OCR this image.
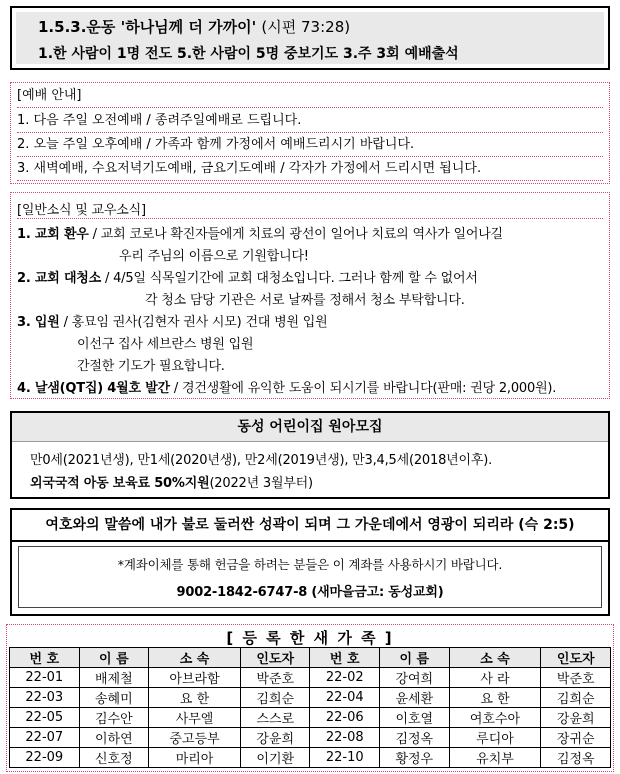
1.5.3.운동 '하나님께 더 가까이' (시편 73:28)
1.한 사람이 1명 전도 5.한 사람이 5명 중보기도 3.주 3회 예배출석
[예배 안내]
1. 다음 주일 오전예배 / 종려주일예배로 드립니다.
2. 오늘 주일 오후예배 / 가족과 함께 가정에서 예배드리시기 바랍니다.
3. 새벽예배, 수요저녁기도예배, 금요기도예배 / 각자가 가정에서 드리시면 됩니다.
[일반소식 및 교우소식]
1. 교회 환우 / 교회 코로나 확진자들에게 치료의 광선이 일어나 치료의 역사가 일어나길
우리 주님의 이름으로 기원합니다!
2. 교회 대청소 / 4/5일 식목일기간에 교회 대청소입니다. 그러나 함께 할 수 없어서
각 청소 담당 기관은 서로 날짜를 정해서 청소 부탁합니다.
3. 입원 / 홍묘임 권사(김현자 권사 시모) 건대 병원 입원
이선구 집사 세브란스 병원 입원
간절한 기도가 필요합니다.
4. 날샘(QT집) 4월호 발간 / 경건생활에 유익한 도움이 되시기를 바랍니다(판매: 권당 2,000원).
동성 어린이집 원아모집
만0세(2021년생), 만1세(2020년생), 만2세(2019년생), 만3,4,5세(2018년이후).
외국국적 아동 보육료 50%지원(2022년 3월부터)
여호와의 말씀에 내가 불로 둘러싼 성곽이 되며 그 가운데에서 영광이 되리라 (슥 2:5)
*계좌이체를 통해 헌금을 하려는 분들은 이 계좌를 사용하시기 바랍니다.
9002-1842-6747-8 (새마을금고: 동성교회)
[ 등 록 한 새 가 족 ]
번 호	이 름	소 속	인도자	번 호	이 름	소 속	인도자
22-01	배제철	아브라함	박준호	22-02	강여희	사 라	박준호
22-03	송혜미	요 한	김희순	22-04	윤세환	요 한	김희순
22-05	김수안	사무엘	스스로	22-06	이호열	여호수아	강윤희
22-07	이하연	중고등부	강윤희	22-08	김정옥	루디아	장귀순
22-09	신호정	마리아	이기환	22-10	황정우	유치부	김정옥
